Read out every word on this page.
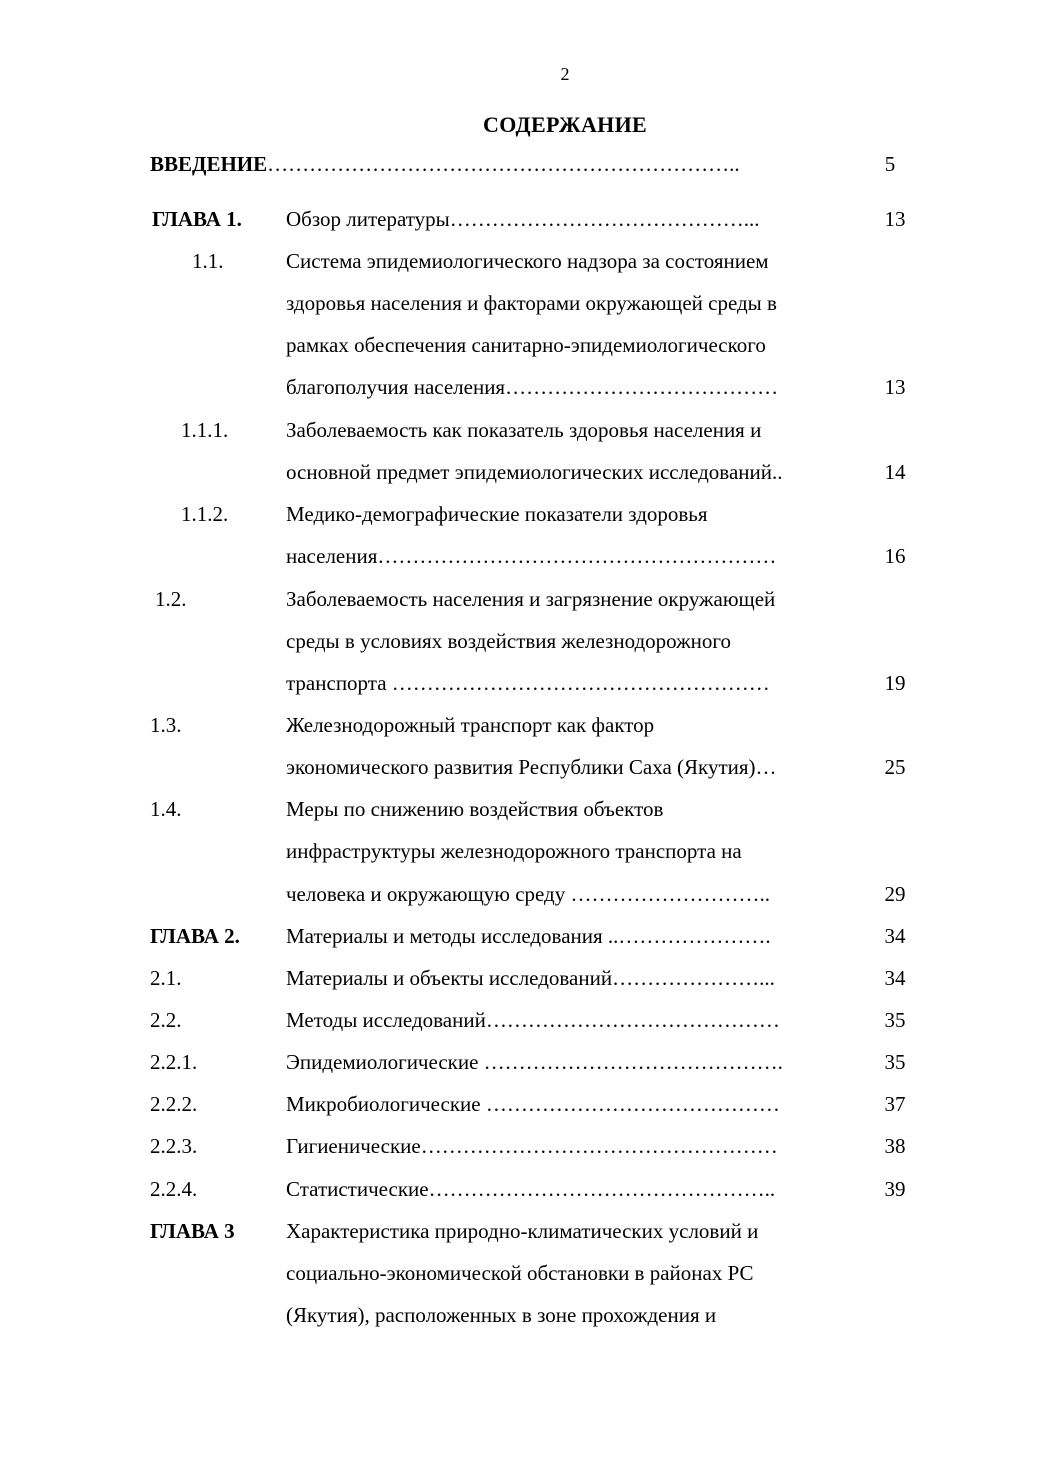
2
СОДЕРЖАНИЕ
ВВЕДЕНИЕ…………………………………………………………..	5
ГЛАВА 1. Обзор литературы……………………………………...	13
1.1.	Система эпидемиологического надзора за состоянием
здоровья населения и факторами окружающей среды в
рамках обеспечения санитарно-эпидемиологического
благополучия населения…………………………………	13
1.1.1.	Заболеваемость как показатель здоровья населения и
основной предмет эпидемиологических исследований..	14
1.1.2.	Медико-демографические показатели здоровья
населения…………………………………………………	16
1.2.	Заболеваемость населения и загрязнение окружающей
среды в условиях воздействия железнодорожного
транспорта ………………………………………………	19
1.3.	Железнодорожный транспорт как фактор
экономического развития Республики Саха (Якутия)…	25
1.4.	Меры по снижению воздействия объектов
инфраструктуры железнодорожного транспорта на
человека и окружающую среду ………………………..	29
ГЛАВА 2. Материалы и методы исследования ..………………….	34
2.1.	Материалы и объекты исследований…………………...	34
2.2.	Методы исследований……………………………………	35
2.2.1.	Эпидемиологические …………………………………….	35
2.2.2.	Микробиологические ……………………………………	37
2.2.3.	Гигиенические……………………………………………	38
2.2.4.	Статистические…………………………………………..	39
ГЛАВА 3 Характеристика природно-климатических условий и
социально-экономической обстановки в районах РС
(Якутия), расположенных в зоне прохождения и
